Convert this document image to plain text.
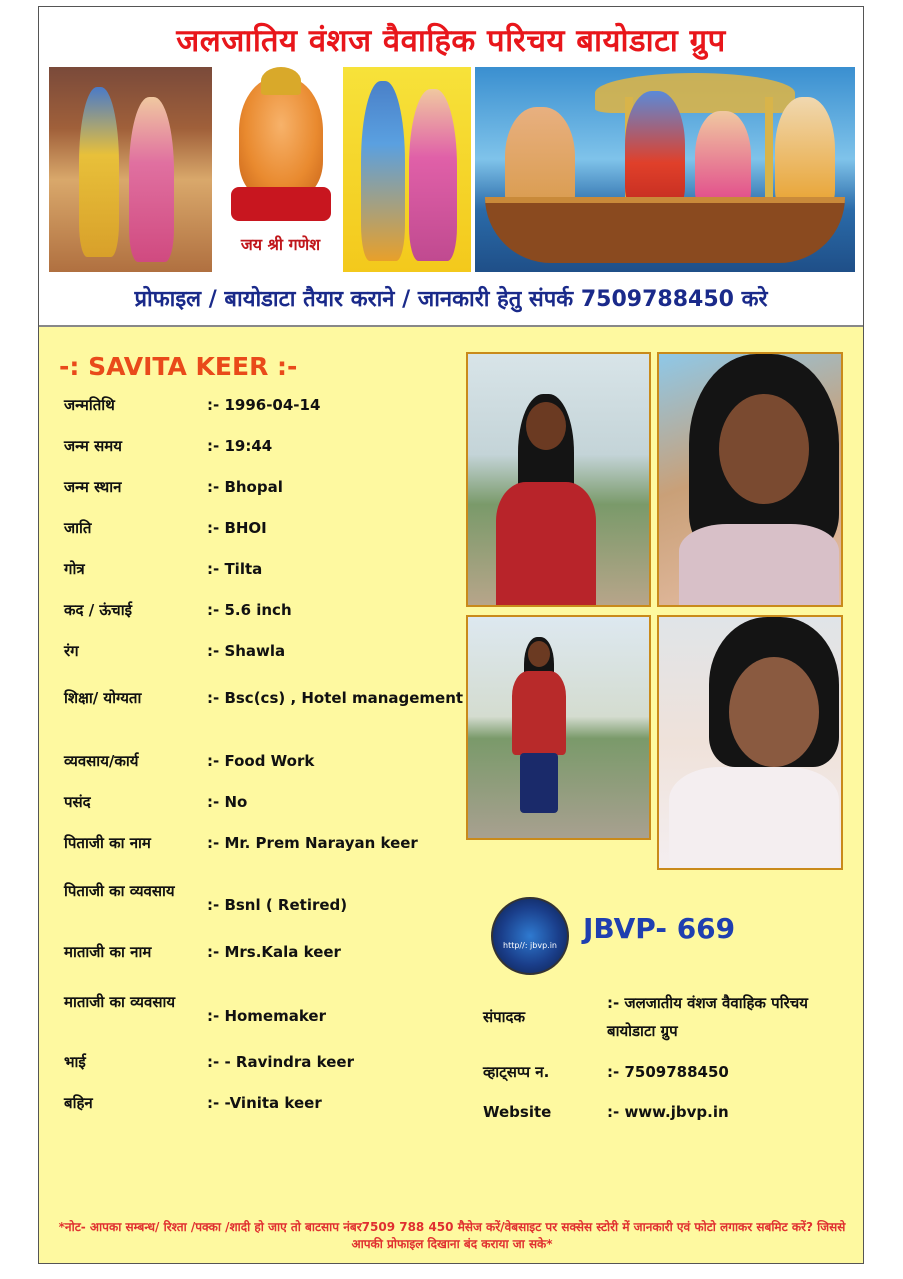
जलजातिय वंशज वैवाहिक परिचय बायोडाटा ग्रुप
जय श्री गणेश
प्रोफाइल / बायोडाटा तैयार कराने / जानकारी हेतु संपर्क 7509788450 करे
-: SAVITA KEER :-
जन्मतिथि	:- 1996-04-14
जन्म समय	:- 19:44
जन्म स्थान	:- Bhopal
जाति	:- BHOI
गोत्र	:- Tilta
कद / ऊंचाई	:- 5.6 inch
रंग	:- Shawla
शिक्षा/ योग्यता	:- Bsc(cs) , Hotel management
व्यवसाय/कार्य	:- Food Work
पसंद	:- No
पिताजी का नाम	:- Mr. Prem Narayan keer
पिताजी का व्यवसाय
:- Bsnl ( Retired)
माताजी का नाम	:- Mrs.Kala keer
माताजी का व्यवसाय
:- Homemaker
भाई	:- - Ravindra keer
बहिन	:- -Vinita keer
http//: jbvp.in
JBVP- 669
संपादक
:- जलजातीय वंशज वैवाहिक परिचय बायोडाटा ग्रुप
व्हाट्सप्प न.	:- 7509788450
Website	:- www.jbvp.in
*नोट- आपका सम्बन्ध/ रिश्ता /पक्का /शादी हो जाए तो बाटसाप नंबर7509 788 450 मैसेज करें/वेबसाइट पर सक्सेस स्टोरी में जानकारी एवं फोटो लगाकर सबमिट करें? जिससे आपकी प्रोफाइल दिखाना बंद कराया जा सके*
